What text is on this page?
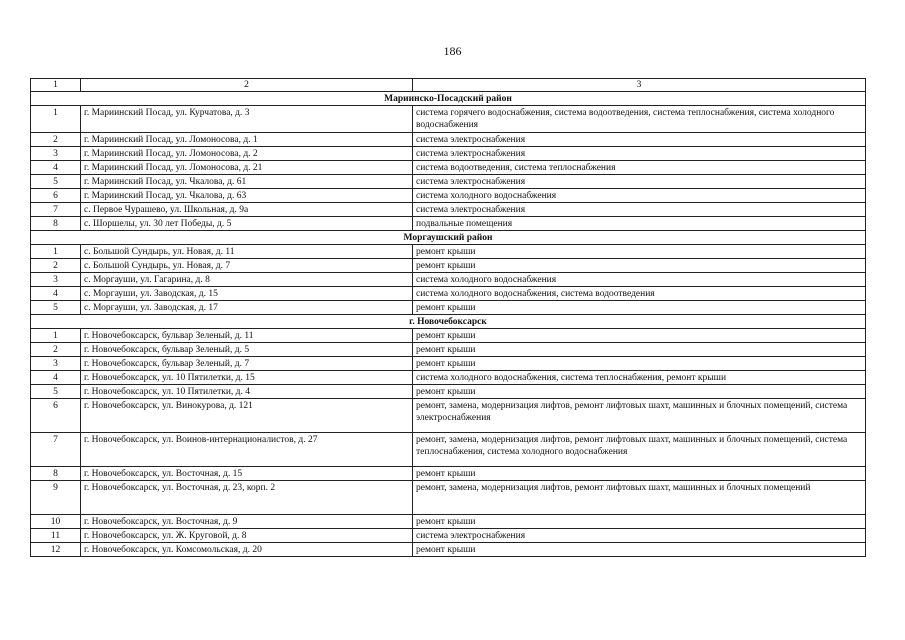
186
1	2	3
Мариинско-Посадский район		
1	г. Мариинский Посад, ул. Курчатова, д. 3	система горячего водоснабжения, система водоотведения, система теплоснабжения, система холодного водоснабжения
2	г. Мариинский Посад, ул. Ломоносова, д. 1	система электроснабжения
3	г. Мариинский Посад, ул. Ломоносова, д. 2	система электроснабжения
4	г. Мариинский Посад, ул. Ломоносова, д. 21	система водоотведения, система теплоснабжения
5	г. Мариинский Посад, ул. Чкалова, д. 61	система электроснабжения
6	г. Мариинский Посад, ул. Чкалова, д. 63	система холодного водоснабжения
7	с. Первое Чурашево, ул. Школьная, д. 9а	система электроснабжения
8	с. Шоршелы, ул. 30 лет Победы, д. 5	подвальные помещения
Моргаушский район		
1	с. Большой Сундырь, ул. Новая, д. 11	ремонт крыши
2	с. Большой Сундырь, ул. Новая, д. 7	ремонт крыши
3	с. Моргауши, ул. Гагарина, д. 8	система холодного водоснабжения
4	с. Моргауши, ул. Заводская, д. 15	система холодного водоснабжения, система водоотведения
5	с. Моргауши, ул. Заводская, д. 17	ремонт крыши
г. Новочебоксарск		
1	г. Новочебоксарск, бульвар Зеленый, д. 11	ремонт крыши
2	г. Новочебоксарск, бульвар Зеленый, д. 5	ремонт крыши
3	г. Новочебоксарск, бульвар Зеленый, д. 7	ремонт крыши
4	г. Новочебоксарск, ул. 10 Пятилетки, д. 15	система холодного водоснабжения, система теплоснабжения, ремонт крыши
5	г. Новочебоксарск, ул. 10 Пятилетки, д. 4	ремонт крыши
6	г. Новочебоксарск, ул. Винокурова, д. 121	ремонт, замена, модернизация лифтов, ремонт лифтовых шахт, машинных и блочных помещений, система электроснабжения
7	г. Новочебоксарск, ул. Воинов-интернационалистов, д. 27	ремонт, замена, модернизация лифтов, ремонт лифтовых шахт, машинных и блочных помещений, система теплоснабжения, система холодного водоснабжения
8	г. Новочебоксарск, ул. Восточная, д. 15	ремонт крыши
9	г. Новочебоксарск, ул. Восточная, д. 23, корп. 2	ремонт, замена, модернизация лифтов, ремонт лифтовых шахт, машинных и блочных помещений
10	г. Новочебоксарск, ул. Восточная, д. 9	ремонт крыши
11	г. Новочебоксарск, ул. Ж. Круговой, д. 8	система электроснабжения
12	г. Новочебоксарск, ул. Комсомольская, д. 20	ремонт крыши
